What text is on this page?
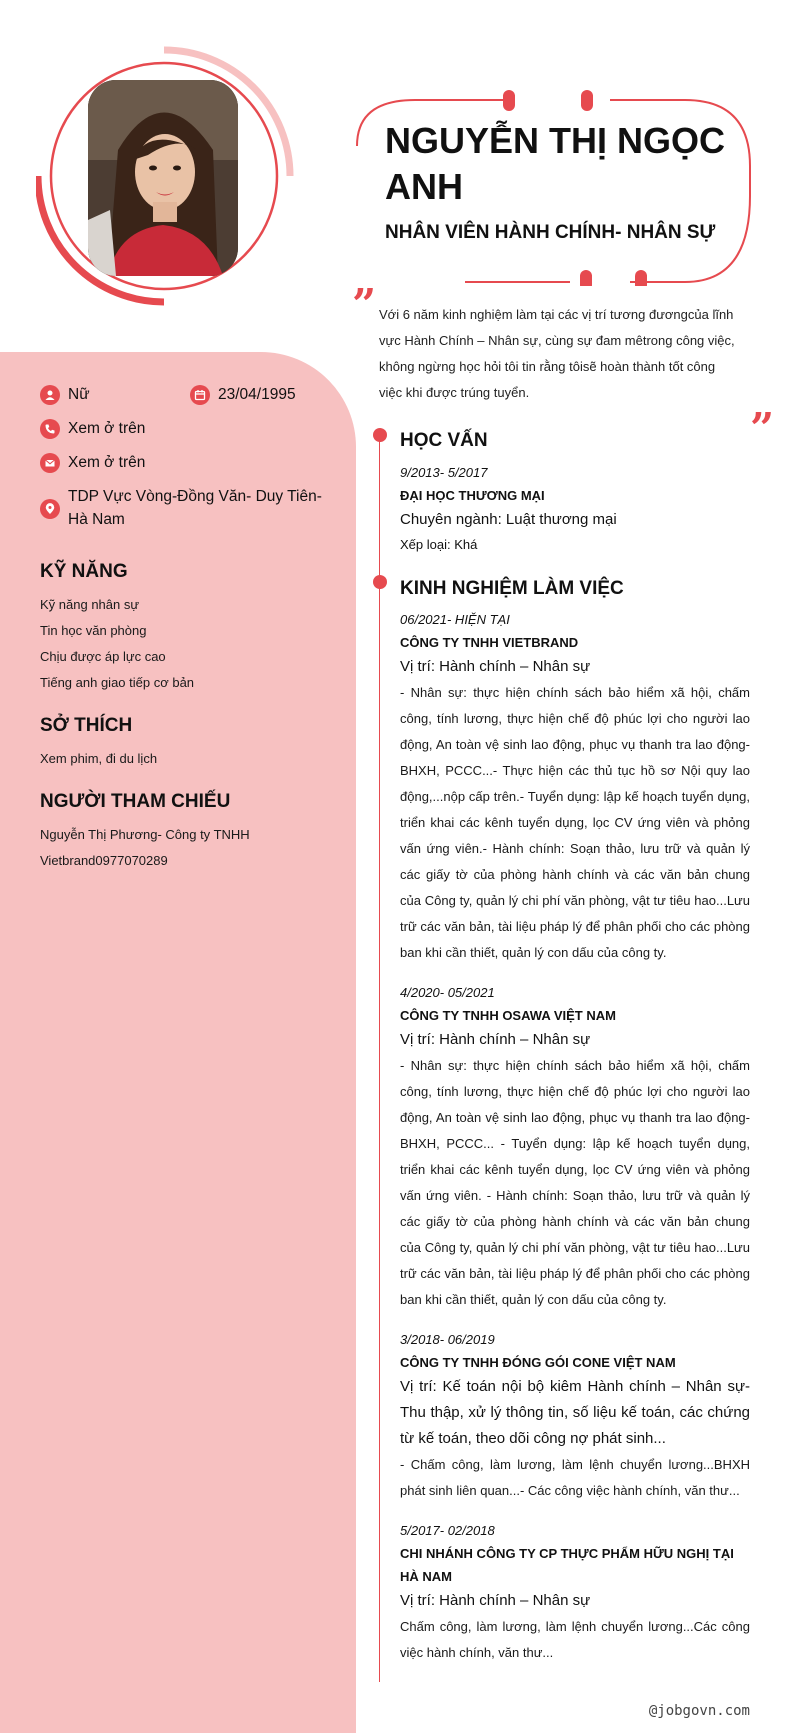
NGUYỄN THỊ NGỌC ANH
NHÂN VIÊN HÀNH CHÍNH- NHÂN SỰ
” Với 6 năm kinh nghiệm làm tại các vị trí tương đươngcủa lĩnh vực Hành Chính – Nhân sự, cùng sự đam mêtrong công việc, không ngừng học hỏi tôi tin rằng tôisẽ hoàn thành tốt công việc khi được trúng tuyển.
”
Nữ	23/04/1995
Xem ở trên
Xem ở trên
TDP Vực Vòng-Đồng Văn- Duy Tiên- Hà Nam
KỸ NĂNG
Kỹ năng nhân sự
Tin học văn phòng
Chịu được áp lực cao
Tiếng anh giao tiếp cơ bản
SỞ THÍCH
Xem phim, đi du lịch
NGƯỜI THAM CHIẾU
Nguyễn Thị Phương- Công ty TNHH Vietbrand0977070289
HỌC VẤN
9/2013- 5/2017
ĐẠI HỌC THƯƠNG MẠI
Chuyên ngành: Luật thương mại
Xếp loại: Khá
KINH NGHIỆM LÀM VIỆC
06/2021- HIỆN TẠI
CÔNG TY TNHH VIETBRAND
Vị trí: Hành chính – Nhân sự
- Nhân sự: thực hiện chính sách bảo hiểm xã hội, chấm công, tính lương, thực hiện chế độ phúc lợi cho người lao động, An toàn vệ sinh lao động, phục vụ thanh tra lao động- BHXH, PCCC...- Thực hiện các thủ tục hồ sơ Nội quy lao động,...nộp cấp trên.- Tuyển dụng: lập kế hoạch tuyển dụng, triển khai các kênh tuyển dụng, lọc CV ứng viên và phỏng vấn ứng viên.- Hành chính: Soạn thảo, lưu trữ và quản lý các giấy tờ của phòng hành chính và các văn bản chung của Công ty, quản lý chi phí văn phòng, vật tư tiêu hao...Lưu trữ các văn bản, tài liệu pháp lý để phân phối cho các phòng ban khi cần thiết, quản lý con dấu của công ty.
4/2020- 05/2021
CÔNG TY TNHH OSAWA VIỆT NAM
Vị trí: Hành chính – Nhân sự
- Nhân sự: thực hiện chính sách bảo hiểm xã hội, chấm công, tính lương, thực hiện chế độ phúc lợi cho người lao động, An toàn vệ sinh lao động, phục vụ thanh tra lao động- BHXH, PCCC... - Tuyển dụng: lập kế hoạch tuyển dụng, triển khai các kênh tuyển dụng, lọc CV ứng viên và phỏng vấn ứng viên. - Hành chính: Soạn thảo, lưu trữ và quản lý các giấy tờ của phòng hành chính và các văn bản chung của Công ty, quản lý chi phí văn phòng, vật tư tiêu hao...Lưu trữ các văn bản, tài liệu pháp lý để phân phối cho các phòng ban khi cần thiết, quản lý con dấu của công ty.
3/2018- 06/2019
CÔNG TY TNHH ĐÓNG GÓI CONE VIỆT NAM
Vị trí: Kế toán nội bộ kiêm Hành chính – Nhân sự- Thu thập, xử lý thông tin, số liệu kế toán, các chứng từ kế toán, theo dõi công nợ phát sinh...
- Chấm công, làm lương, làm lệnh chuyển lương...BHXH phát sinh liên quan...- Các công việc hành chính, văn thư...
5/2017- 02/2018
CHI NHÁNH CÔNG TY CP THỰC PHẨM HỮU NGHỊ TẠI HÀ NAM
Vị trí: Hành chính – Nhân sự
Chấm công, làm lương, làm lệnh chuyển lương...Các công việc hành chính, văn thư...
@jobgovn.com
